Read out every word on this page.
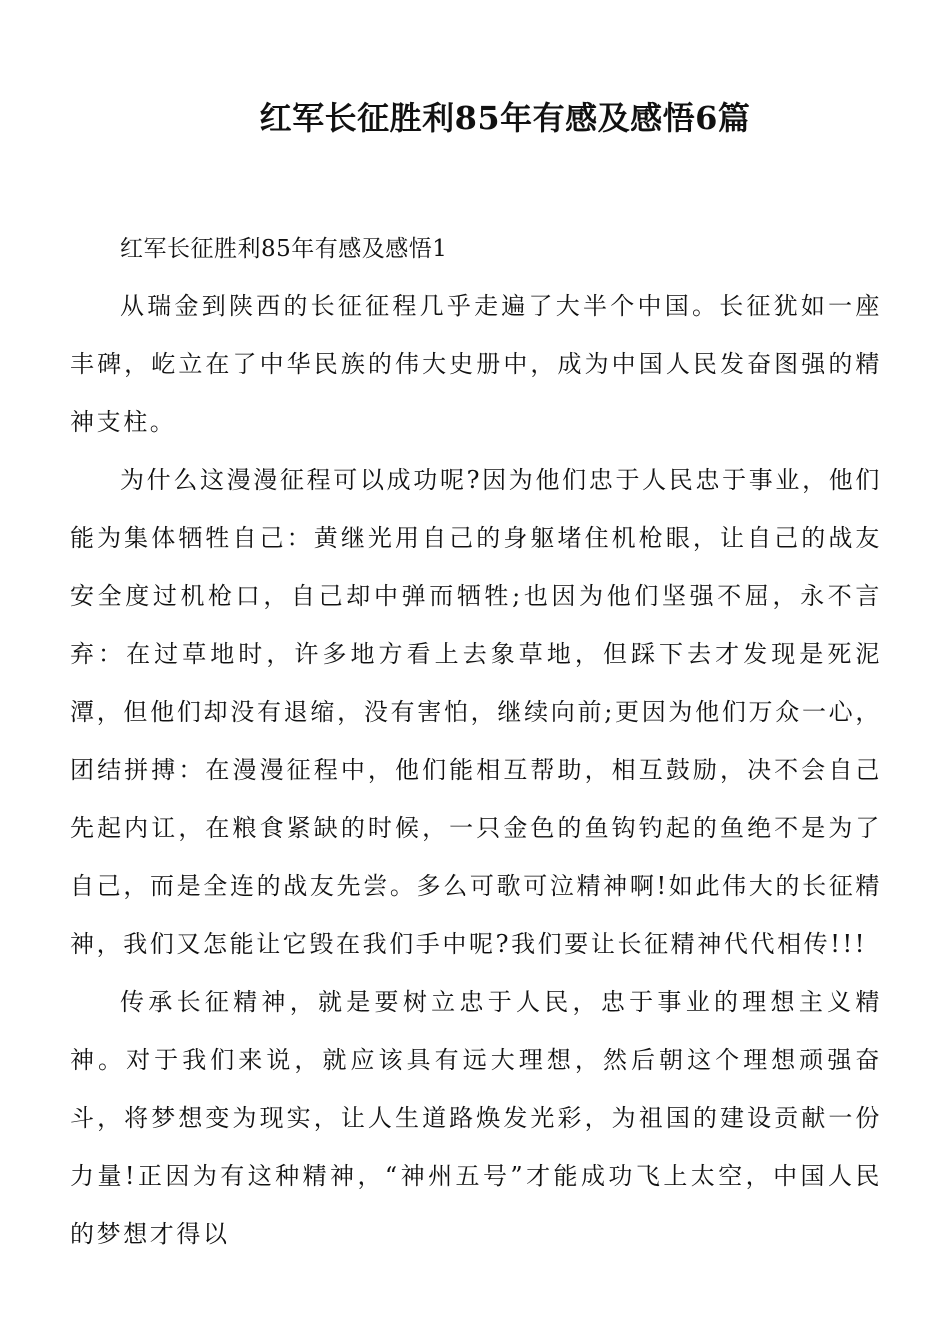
红军长征胜利85年有感及感悟6篇

红军长征胜利85年有感及感悟1

从瑞金到陕西的长征征程几乎走遍了大半个中国。长征犹如一座丰碑，屹立在了中华民族的伟大史册中，成为中国人民发奋图强的精神支柱。

为什么这漫漫征程可以成功呢?因为他们忠于人民忠于事业，他们能为集体牺牲自己：黄继光用自己的身躯堵住机枪眼，让自己的战友安全度过机枪口，自己却中弹而牺牲;也因为他们坚强不屈，永不言弃：在过草地时，许多地方看上去象草地，但踩下去才发现是死泥潭，但他们却没有退缩，没有害怕，继续向前;更因为他们万众一心，团结拼搏：在漫漫征程中，他们能相互帮助，相互鼓励，决不会自己先起内讧，在粮食紧缺的时候，一只金色的鱼钩钓起的鱼绝不是为了自己，而是全连的战友先尝。多么可歌可泣精神啊!如此伟大的长征精神，我们又怎能让它毁在我们手中呢?我们要让长征精神代代相传!!!

传承长征精神，就是要树立忠于人民，忠于事业的理想主义精神。对于我们来说，就应该具有远大理想，然后朝这个理想顽强奋斗，将梦想变为现实，让人生道路焕发光彩，为祖国的建设贡献一份力量!正因为有这种精神，“神州五号”才能成功飞上太空，中国人民的梦想才得以
